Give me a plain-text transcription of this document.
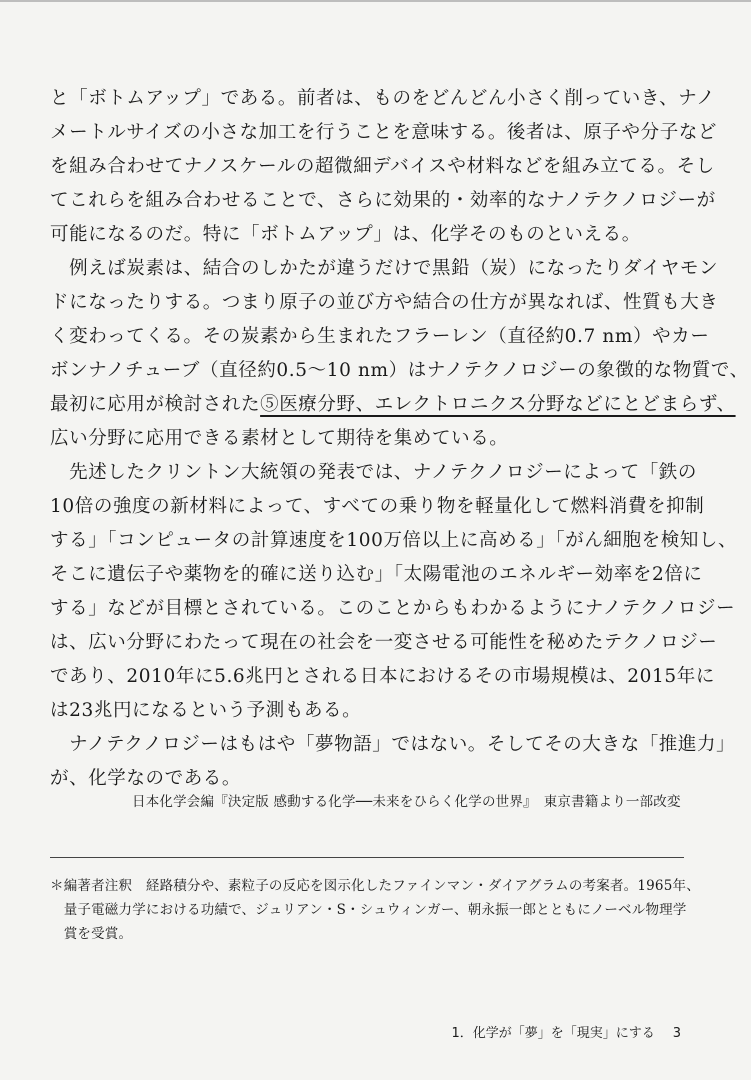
と「ボトムアップ」である。前者は、ものをどんどん小さく削っていき、ナノ
メートルサイズの小さな加工を行うことを意味する。後者は、原子や分子など
を組み合わせてナノスケールの超微細デバイスや材料などを組み立てる。そし
てこれらを組み合わせることで、さらに効果的・効率的なナノテクノロジーが
可能になるのだ。特に「ボトムアップ」は、化学そのものといえる。
　例えば炭素は、結合のしかたが違うだけで黒鉛（炭）になったりダイヤモン
ドになったりする。つまり原子の並び方や結合の仕方が異なれば、性質も大き
く変わってくる。その炭素から生まれたフラーレン（直径約0.7 nm）やカー
ボンナノチューブ（直径約0.5～10 nm）はナノテクノロジーの象徴的な物質で、
最初に応用が検討された⑤医療分野、エレクトロニクス分野などにとどまらず、
広い分野に応用できる素材として期待を集めている。
　先述したクリントン大統領の発表では、ナノテクノロジーによって「鉄の
10倍の強度の新材料によって、すべての乗り物を軽量化して燃料消費を抑制
する」「コンピュータの計算速度を100万倍以上に高める」「がん細胞を検知し、
そこに遺伝子や薬物を的確に送り込む」「太陽電池のエネルギー効率を2倍に
する」などが目標とされている。このことからもわかるようにナノテクノロジー
は、広い分野にわたって現在の社会を一変させる可能性を秘めたテクノロジー
であり、2010年に5.6兆円とされる日本におけるその市場規模は、2015年に
は23兆円になるという予測もある。
　ナノテクノロジーはもはや「夢物語」ではない。そしてその大きな「推進力」
が、化学なのである。
日本化学会編『決定版 感動する化学──未来をひらく化学の世界』　東京書籍より一部改変
＊編著者注釈　経路積分や、素粒子の反応を図示化したファインマン・ダイアグラムの考案者。1965年、
　量子電磁力学における功績で、ジュリアン・S・シュウィンガー、朝永振一郎とともにノーベル物理学
　賞を受賞。
1．化学が「夢」を「現実」にする 3
